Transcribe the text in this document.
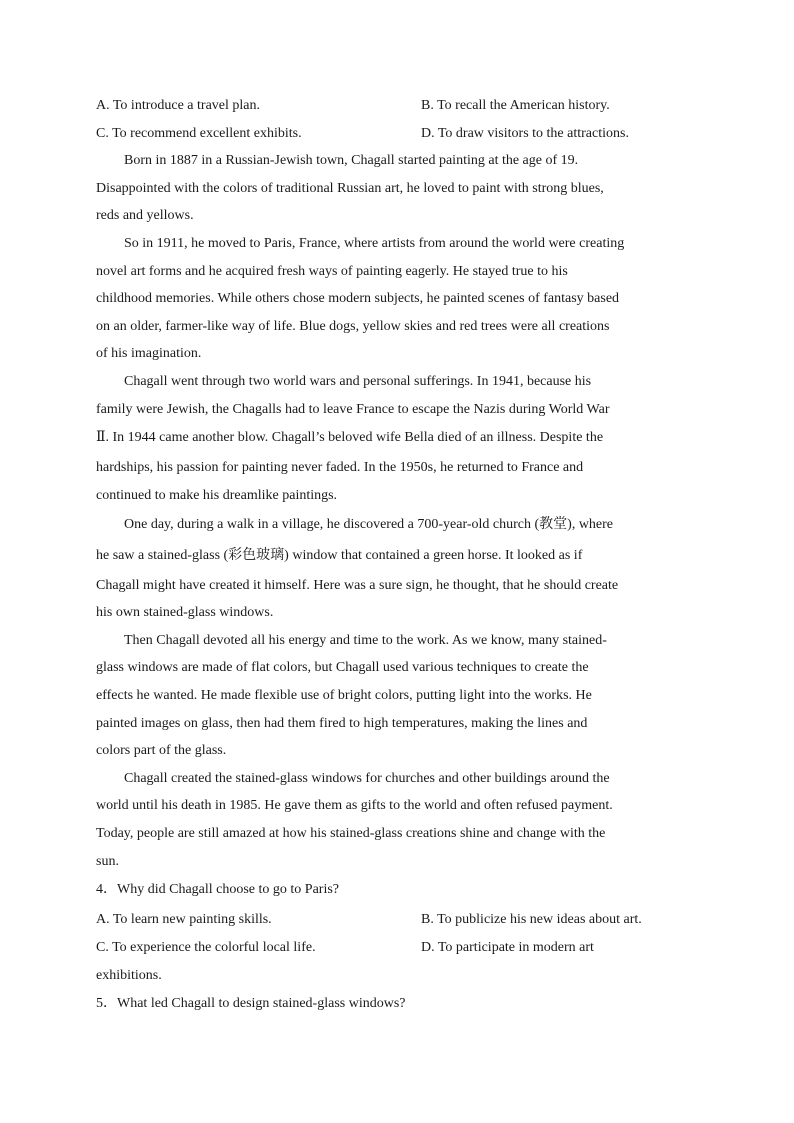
A. To introduce a travel plan.	B. To recall the American history.
C. To recommend excellent exhibits.	D. To draw visitors to the attractions.
Born in 1887 in a Russian-Jewish town, Chagall started painting at the age of 19.
Disappointed with the colors of traditional Russian art, he loved to paint with strong blues,
reds and yellows.
So in 1911, he moved to Paris, France, where artists from around the world were creating
novel art forms and he acquired fresh ways of painting eagerly. He stayed true to his
childhood memories. While others chose modern subjects, he painted scenes of fantasy based
on an older, farmer-like way of life. Blue dogs, yellow skies and red trees were all creations
of his imagination.
Chagall went through two world wars and personal sufferings. In 1941, because his
family were Jewish, the Chagalls had to leave France to escape the Nazis during World War
Ⅱ. In 1944 came another blow. Chagall’s beloved wife Bella died of an illness. Despite the
hardships, his passion for painting never faded. In the 1950s, he returned to France and
continued to make his dreamlike paintings.
One day, during a walk in a village, he discovered a 700-year-old church (教堂), where
he saw a stained-glass (彩色玻璃) window that contained a green horse. It looked as if
Chagall might have created it himself. Here was a sure sign, he thought, that he should create
his own stained-glass windows.
Then Chagall devoted all his energy and time to the work. As we know, many stained-
glass windows are made of flat colors, but Chagall used various techniques to create the
effects he wanted. He made flexible use of bright colors, putting light into the works. He
painted images on glass, then had them fired to high temperatures, making the lines and
colors part of the glass.
Chagall created the stained-glass windows for churches and other buildings around the
world until his death in 1985. He gave them as gifts to the world and often refused payment.
Today, people are still amazed at how his stained-glass creations shine and change with the
sun.
4．Why did Chagall choose to go to Paris?
A. To learn new painting skills.	B. To publicize his new ideas about art.
C. To experience the colorful local life.	D. To participate in modern art
exhibitions.
5．What led Chagall to design stained-glass windows?
